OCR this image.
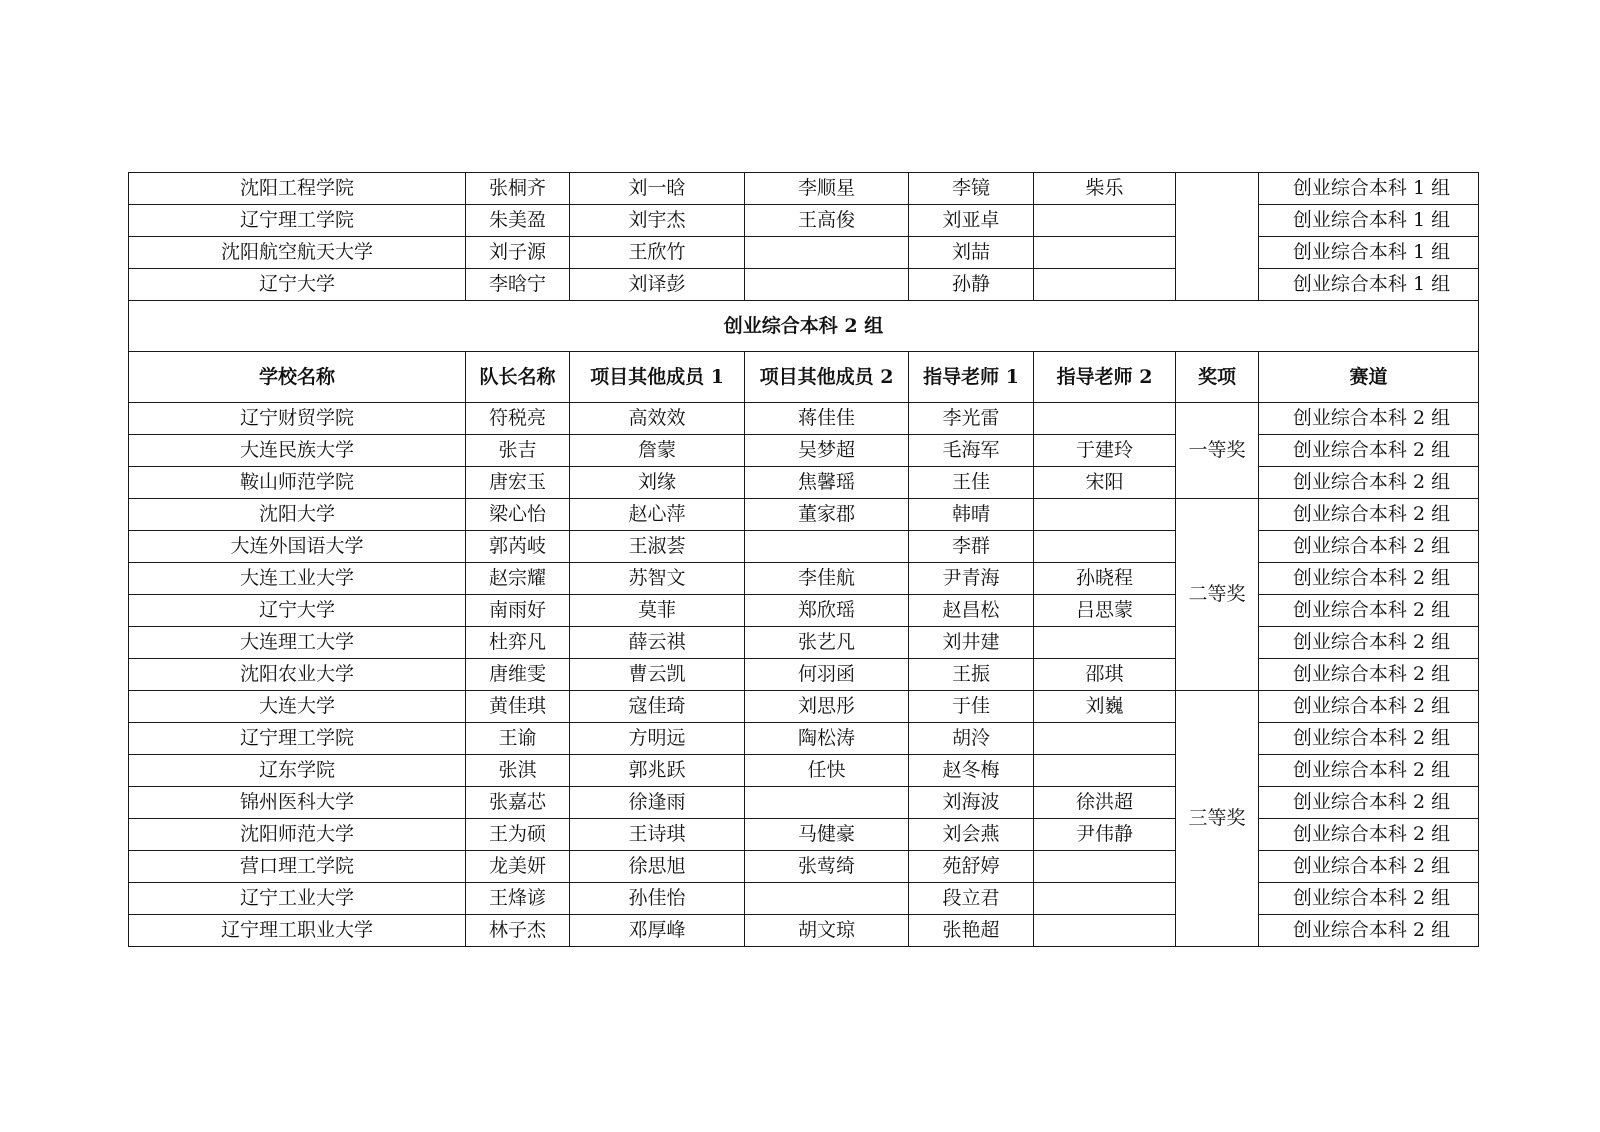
沈阳工程学院	张桐齐	刘一晗	李顺星	李镜	柴乐		创业综合本科 1 组
辽宁理工学院	朱美盈	刘宇杰	王高俊	刘亚卓			创业综合本科 1 组
沈阳航空航天大学	刘子源	王欣竹		刘喆			创业综合本科 1 组
辽宁大学	李晗宁	刘译彭		孙静			创业综合本科 1 组
创业综合本科 2 组							
学校名称	队长名称	项目其他成员 1	项目其他成员 2	指导老师 1	指导老师 2	奖项	赛道
辽宁财贸学院	符税亮	高效效	蒋佳佳	李光雷		一等奖	创业综合本科 2 组
大连民族大学	张吉	詹蒙	吴梦超	毛海军	于建玲		创业综合本科 2 组
鞍山师范学院	唐宏玉	刘缘	焦馨瑶	王佳	宋阳		创业综合本科 2 组
沈阳大学	梁心怡	赵心萍	董家郡	韩晴		二等奖	创业综合本科 2 组
大连外国语大学	郭芮岐	王淑荟		李群			创业综合本科 2 组
大连工业大学	赵宗耀	苏智文	李佳航	尹青海	孙晓程		创业综合本科 2 组
辽宁大学	南雨好	莫菲	郑欣瑶	赵昌松	吕思蒙		创业综合本科 2 组
大连理工大学	杜弈凡	薛云祺	张艺凡	刘井建			创业综合本科 2 组
沈阳农业大学	唐维雯	曹云凯	何羽函	王振	邵琪		创业综合本科 2 组
大连大学	黄佳琪	寇佳琦	刘思彤	于佳	刘巍	三等奖	创业综合本科 2 组
辽宁理工学院	王谕	方明远	陶松涛	胡泠			创业综合本科 2 组
辽东学院	张淇	郭兆跃	任快	赵冬梅			创业综合本科 2 组
锦州医科大学	张嘉芯	徐逢雨		刘海波	徐洪超		创业综合本科 2 组
沈阳师范大学	王为硕	王诗琪	马健豪	刘会燕	尹伟静		创业综合本科 2 组
营口理工学院	龙美妍	徐思旭	张莺绮	苑舒婷			创业综合本科 2 组
辽宁工业大学	王烽谚	孙佳怡		段立君			创业综合本科 2 组
辽宁理工职业大学	林子杰	邓厚峰	胡文琼	张艳超			创业综合本科 2 组
